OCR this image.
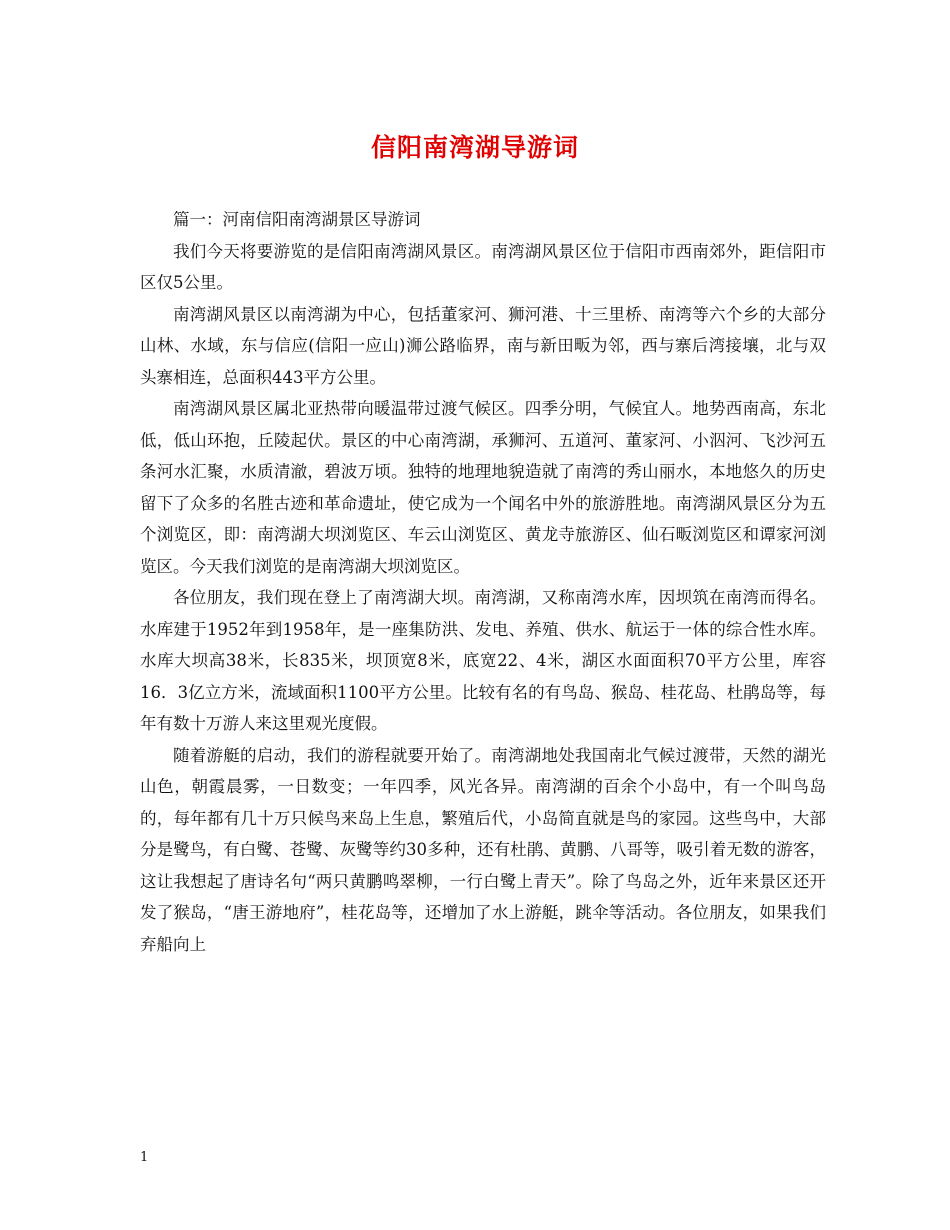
信阳南湾湖导游词

篇一：河南信阳南湾湖景区导游词

我们今天将要游览的是信阳南湾湖风景区。南湾湖风景区位于信阳市西南郊外，距信阳市区仅5公里。

南湾湖风景区以南湾湖为中心，包括董家河、狮河港、十三里桥、南湾等六个乡的大部分山林、水域，东与信应(信阳一应山)浉公路临界，南与新田畈为邻，西与寨后湾接壤，北与双头寨相连，总面积443平方公里。

南湾湖风景区属北亚热带向暖温带过渡气候区。四季分明，气候宜人。地势西南高，东北低，低山环抱，丘陵起伏。景区的中心南湾湖，承狮河、五道河、董家河、小泅河、飞沙河五条河水汇聚，水质清澈，碧波万顷。独特的地理地貌造就了南湾的秀山丽水，本地悠久的历史留下了众多的名胜古迹和革命遗址，使它成为一个闻名中外的旅游胜地。南湾湖风景区分为五个浏览区，即：南湾湖大坝浏览区、车云山浏览区、黄龙寺旅游区、仙石畈浏览区和谭家河浏览区。今天我们浏览的是南湾湖大坝浏览区。

各位朋友，我们现在登上了南湾湖大坝。南湾湖，又称南湾水库，因坝筑在南湾而得名。水库建于1952年到1958年，是一座集防洪、发电、养殖、供水、航运于一体的综合性水库。水库大坝高38米，长835米，坝顶宽8米，底宽22、4米，湖区水面面积70平方公里，库容16．3亿立方米，流域面积1100平方公里。比较有名的有鸟岛、猴岛、桂花岛、杜鹃岛等，每年有数十万游人来这里观光度假。

随着游艇的启动，我们的游程就要开始了。南湾湖地处我国南北气候过渡带，天然的湖光山色，朝霞晨雾，一日数变；一年四季，风光各异。南湾湖的百余个小岛中，有一个叫鸟岛的，每年都有几十万只候鸟来岛上生息，繁殖后代，小岛简直就是鸟的家园。这些鸟中，大部分是鹭鸟，有白鹭、苍鹭、灰鹭等约30多种，还有杜鹃、黄鹏、八哥等，吸引着无数的游客，这让我想起了唐诗名句“两只黄鹏鸣翠柳，一行白鹭上青天”。除了鸟岛之外，近年来景区还开发了猴岛，“唐王游地府”，桂花岛等，还增加了水上游艇，跳伞等活动。各位朋友，如果我们弃船向上

1
